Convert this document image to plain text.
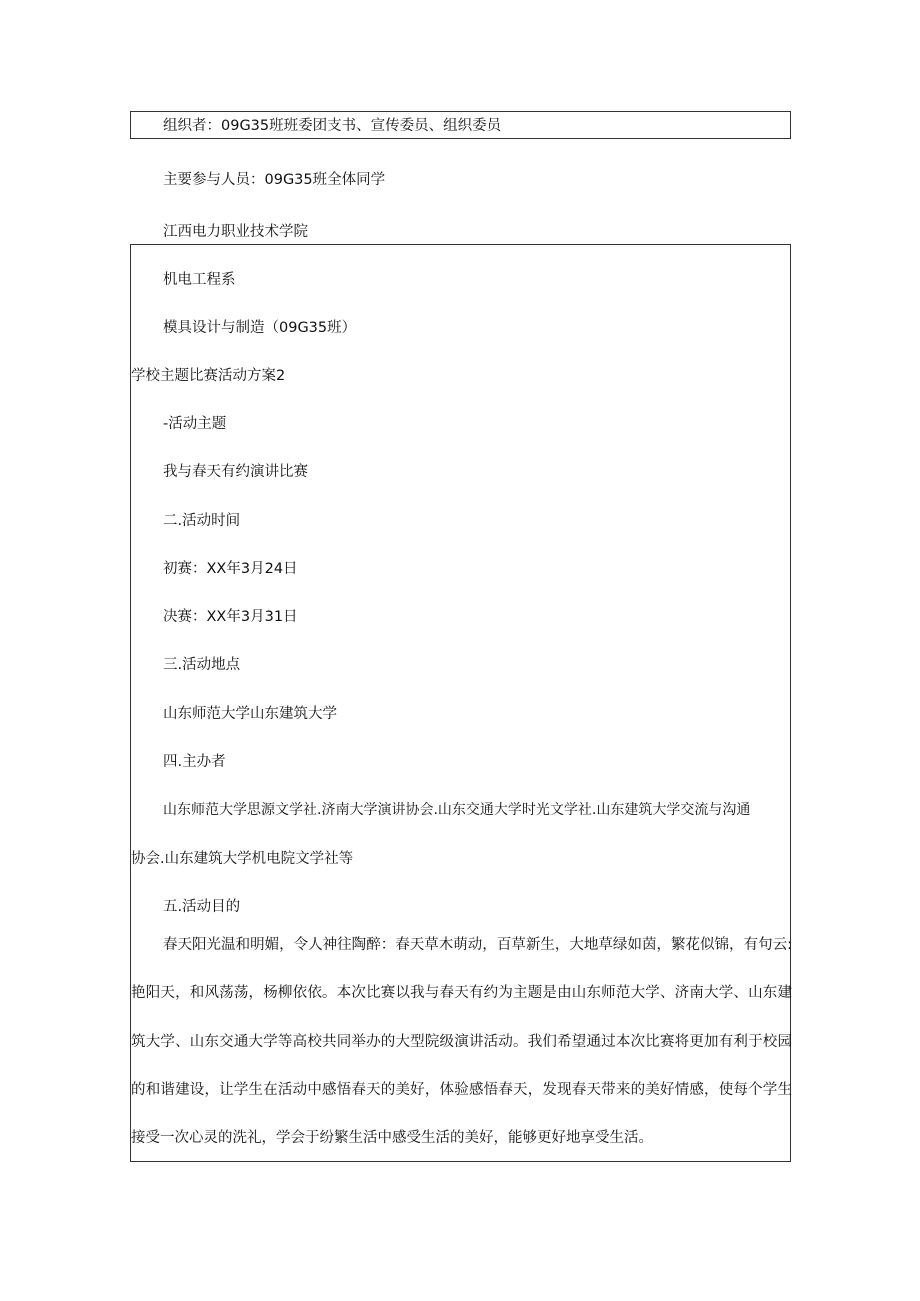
组织者：09G35班班委团支书、宣传委员、组织委员

主要参与人员：09G35班全体同学

江西电力职业技术学院

机电工程系

模具设计与制造（09G35班）

学校主题比赛活动方案2

-活动主题

我与春天有约演讲比赛

二.活动时间

初赛：XX年3月24日

决赛：XX年3月31日

三.活动地点

山东师范大学山东建筑大学

四.主办者

山东师范大学思源文学社.济南大学演讲协会.山东交通大学时光文学社.山东建筑大学交流与沟通

协会.山东建筑大学机电院文学社等

五.活动目的

春天阳光温和明媚，令人神往陶醉：春天草木萌动，百草新生，大地草绿如茵，繁花似锦，有句云: 艳阳天，和风荡荡，杨柳依依。本次比赛以我与春天有约为主题是由山东师范大学、济南大学、山东建筑大学、山东交通大学等高校共同举办的大型院级演讲活动。我们希望通过本次比赛将更加有利于校园的和谐建设，让学生在活动中感悟春天的美好，体验感悟春天，发现春天带来的美好情感，使每个学生接受一次心灵的洗礼，学会于纷繁生活中感受生活的美好，能够更好地享受生活。
